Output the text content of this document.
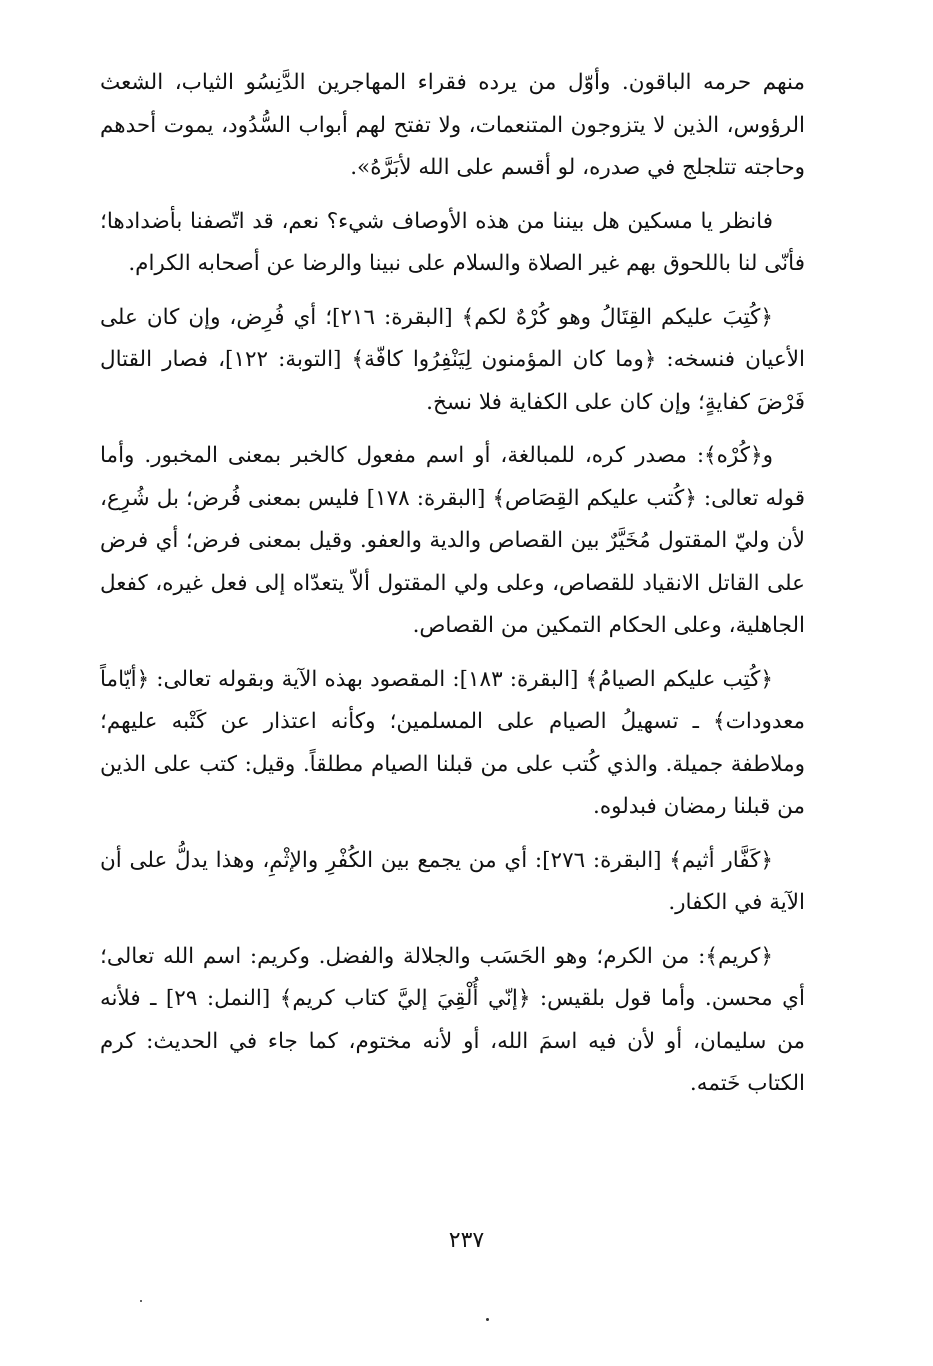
منهم حرمه الباقون. وأوّل من يرده فقراء المهاجرين الدَّنِسُو الثياب، الشعث الرؤوس، الذين لا يتزوجون المتنعمات، ولا تفتح لهم أبواب السُّدُود، يموت أحدهم وحاجته تتلجلج في صدره، لو أقسم على الله لأبَرَّهُ».

فانظر يا مسكين هل بيننا من هذه الأوصاف شيء؟ نعم، قد اتّصفنا بأضدادها؛ فأنّى لنا باللحوق بهم غير الصلاة والسلام على نبينا والرضا عن أصحابه الكرام.

﴿كُتِبَ عليكم القِتَالُ وهو كُرْهٌ لكم﴾ [البقرة: ٢١٦]؛ أي فُرِض، وإن كان على الأعيان فنسخه: ﴿وما كان المؤمنون لِيَنْفِرُوا كافّة﴾ [التوبة: ١٢٢]، فصار القتال فَرْضَ كفايةٍ؛ وإن كان على الكفاية فلا نسخ.

و﴿كُرْه﴾: مصدر كره، للمبالغة، أو اسم مفعول كالخبر بمعنى المخبور. وأما قوله تعالى: ﴿كُتب عليكم القِصَاص﴾ [البقرة: ١٧٨] فليس بمعنى فُرض؛ بل شُرِع، لأن وليّ المقتول مُخَيَّرٌ بين القصاص والدية والعفو. وقيل بمعنى فرض؛ أي فرض على القاتل الانقياد للقصاص، وعلى ولي المقتول ألاّ يتعدّاه إلى فعل غيره، كفعل الجاهلية، وعلى الحكام التمكين من القصاص.

﴿كُتِب عليكم الصيامُ﴾ [البقرة: ١٨٣]: المقصود بهذه الآية وبقوله تعالى: ﴿أيّاماً معدودات﴾ ـ تسهيلُ الصيام على المسلمين؛ وكأنه اعتذار عن كَتْبه عليهم؛ وملاطفة جميلة. والذي كُتب على من قبلنا الصيام مطلقاً. وقيل: كتب على الذين من قبلنا رمضان فبدلوه.

﴿كَفَّار أثيم﴾ [البقرة: ٢٧٦]: أي من يجمع بين الكُفْرِ والإثْمِ، وهذا يدلُّ على أن الآية في الكفار.

﴿كريم﴾: من الكرم؛ وهو الحَسَب والجلالة والفضل. وكريم: اسم الله تعالى؛ أي محسن. وأما قول بلقيس: ﴿إنّي أُلْقِيَ إليَّ كتاب كريم﴾ [النمل: ٢٩] ـ فلأنه من سليمان، أو لأن فيه اسمَ الله، أو لأنه مختوم، كما جاء في الحديث: كرم الكتاب خَتمه.

٢٣٧
